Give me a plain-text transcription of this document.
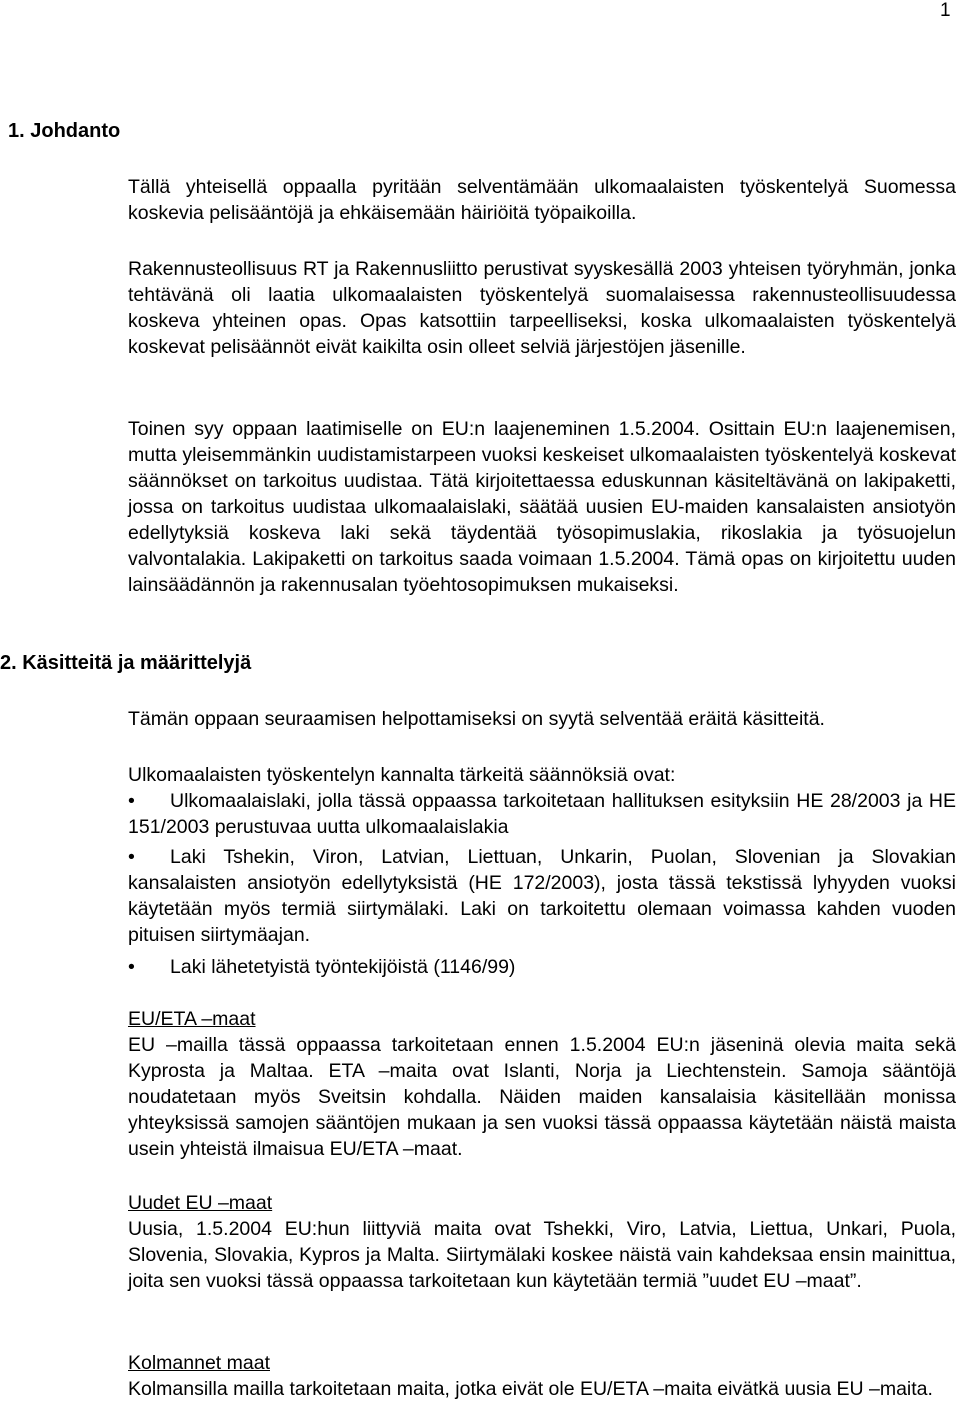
1
1. Johdanto

Tällä yhteisellä oppaalla pyritään selventämään ulkomaalaisten työskentelyä Suomessa koskevia pelisääntöjä ja ehkäisemään häiriöitä työpaikoilla.

Rakennusteollisuus RT ja Rakennusliitto perustivat syyskesällä 2003 yhteisen työryhmän, jonka tehtävänä oli laatia ulkomaalaisten työskentelyä suomalaisessa rakennusteollisuudessa koskeva yhteinen opas. Opas katsottiin tarpeelliseksi, koska ulkomaalaisten työskentelyä koskevat pelisäännöt eivät kaikilta osin olleet selviä järjestöjen jäsenille.

Toinen syy oppaan laatimiselle on EU:n laajeneminen 1.5.2004. Osittain EU:n laajenemisen, mutta yleisemmänkin uudistamistarpeen vuoksi keskeiset ulkomaalaisten työskentelyä koskevat säännökset on tarkoitus uudistaa. Tätä kirjoitettaessa eduskunnan käsiteltävänä on lakipaketti, jossa on tarkoitus uudistaa ulkomaalaislaki, säätää uusien EU-maiden kansalaisten ansiotyön edellytyksiä koskeva laki sekä täydentää työsopimuslakia, rikoslakia ja työsuojelun valvontalakia. Lakipaketti on tarkoitus saada voimaan 1.5.2004. Tämä opas on kirjoitettu uuden lainsäädännön ja rakennusalan työehtosopimuksen mukaiseksi.

2. Käsitteitä ja määrittelyjä

Tämän oppaan seuraamisen helpottamiseksi on syytä selventää eräitä käsitteitä.

Ulkomaalaisten työskentelyn kannalta tärkeitä säännöksiä ovat:

• Ulkomaalaislaki, jolla tässä oppaassa tarkoitetaan hallituksen esityksiin HE 28/2003 ja HE 151/2003 perustuvaa uutta ulkomaalaislakia

• Laki Tshekin, Viron, Latvian, Liettuan, Unkarin, Puolan, Slovenian ja Slovakian kansalaisten ansiotyön edellytyksistä (HE 172/2003), josta tässä tekstissä lyhyyden vuoksi käytetään myös termiä siirtymälaki. Laki on tarkoitettu olemaan voimassa kahden vuoden pituisen siirtymäajan.

• Laki lähetetyistä työntekijöistä (1146/99)

EU/ETA –maat

EU –mailla tässä oppaassa tarkoitetaan ennen 1.5.2004 EU:n jäseninä olevia maita sekä Kyprosta ja Maltaa. ETA –maita ovat Islanti, Norja ja Liechtenstein. Samoja sääntöjä noudatetaan myös Sveitsin kohdalla. Näiden maiden kansalaisia käsitellään monissa yhteyksissä samojen sääntöjen mukaan ja sen vuoksi tässä oppaassa käytetään näistä maista usein yhteistä ilmaisua EU/ETA –maat.

Uudet EU –maat

Uusia, 1.5.2004 EU:hun liittyviä maita ovat Tshekki, Viro, Latvia, Liettua, Unkari, Puola, Slovenia, Slovakia, Kypros ja Malta. Siirtymälaki koskee näistä vain kahdeksaa ensin mainittua, joita sen vuoksi tässä oppaassa tarkoitetaan kun käytetään termiä ”uudet EU –maat”.

Kolmannet maat

Kolmansilla mailla tarkoitetaan maita, jotka eivät ole EU/ETA –maita eivätkä uusia EU –maita.
